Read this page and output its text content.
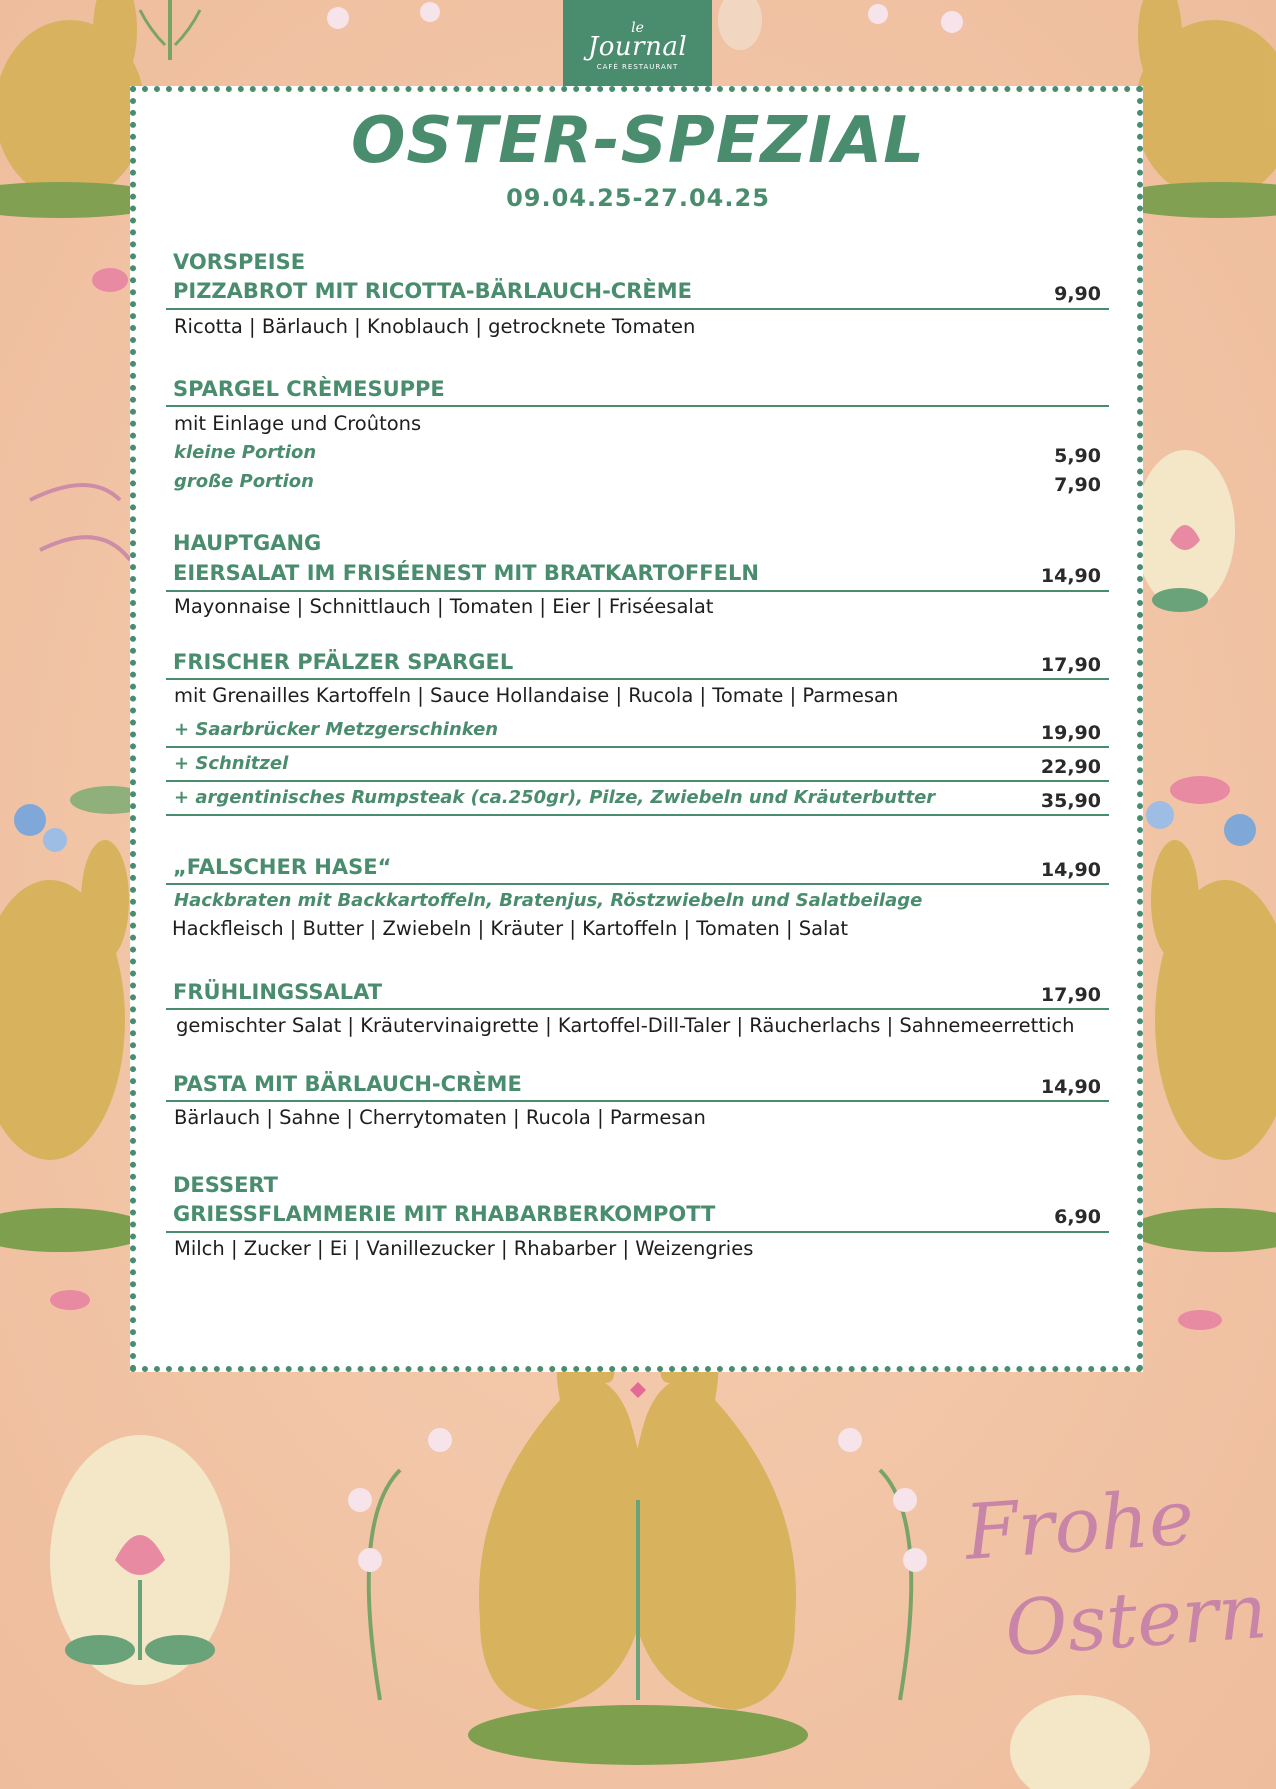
Frohe
Ostern
le
Journal
CAFÉ RESTAURANT
OSTER-SPEZIAL
09.04.25-27.04.25
VORSPEISE
PIZZABROT MIT RICOTTA-BÄRLAUCH-CRÈME	9,90
Ricotta | Bärlauch | Knoblauch | getrocknete Tomaten
SPARGEL CRÈMESUPPE
mit Einlage und Croûtons
kleine Portion	5,90
große Portion	7,90
HAUPTGANG
EIERSALAT IM FRISÉENEST MIT BRATKARTOFFELN	14,90
Mayonnaise | Schnittlauch | Tomaten | Eier | Friséesalat
FRISCHER PFÄLZER SPARGEL	17,90
mit Grenailles Kartoffeln | Sauce Hollandaise | Rucola | Tomate | Parmesan
+ Saarbrücker Metzgerschinken	19,90
+ Schnitzel	22,90
+ argentinisches Rumpsteak (ca.250gr), Pilze, Zwiebeln und Kräuterbutter	35,90
„FALSCHER HASE“	14,90
Hackbraten mit Backkartoffeln, Bratenjus, Röstzwiebeln und Salatbeilage
Hackfleisch | Butter | Zwiebeln | Kräuter | Kartoffeln | Tomaten | Salat
FRÜHLINGSSALAT	17,90
gemischter Salat | Kräutervinaigrette | Kartoffel-Dill-Taler | Räucherlachs | Sahnemeerrettich
PASTA MIT BÄRLAUCH-CRÈME	14,90
Bärlauch | Sahne | Cherrytomaten | Rucola | Parmesan
DESSERT
GRIESSFLAMMERIE MIT RHABARBERKOMPOTT	6,90
Milch | Zucker | Ei | Vanillezucker | Rhabarber | Weizengries
